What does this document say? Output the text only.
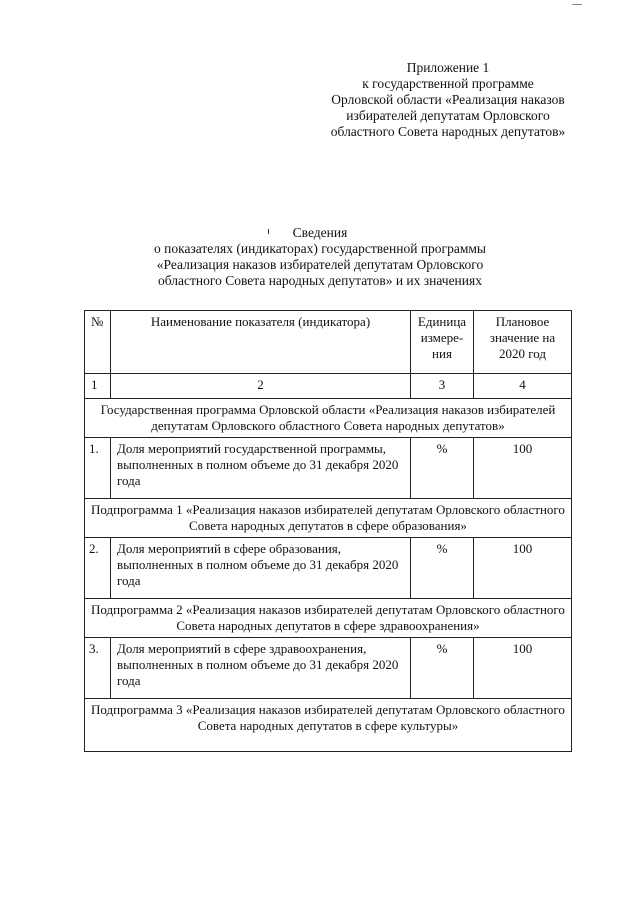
Приложение 1
к государственной программе
Орловской области «Реализация наказов
избирателей депутатам Орловского
областного Совета народных депутатов»
Сведения
о показателях (индикаторах) государственной программы
«Реализация наказов избирателей депутатам Орловского
областного Совета народных депутатов» и их значениях
№	Наименование показателя (индикатора)	Единица измере- ния	Плановое значение на 2020 год
1	2	3	4
Государственная программа Орловской области «Реализация наказов избирателей депутатам Орловского областного Совета народных депутатов»			
1.	Доля мероприятий государственной программы, выполненных в полном объеме до 31 декабря 2020 года	%	100
Подпрограмма 1 «Реализация наказов избирателей депутатам Орловского областного Совета народных депутатов в сфере образования»			
2.	Доля мероприятий в сфере образования, выполненных в полном объеме до 31 декабря 2020 года	%	100
Подпрограмма 2 «Реализация наказов избирателей депутатам Орловского областного Совета народных депутатов в сфере здравоохранения»			
3.	Доля мероприятий в сфере здравоохранения, выполненных в полном объеме до 31 декабря 2020 года	%	100
Подпрограмма 3 «Реализация наказов избирателей депутатам Орловского областного Совета народных депутатов в сфере культуры»			
